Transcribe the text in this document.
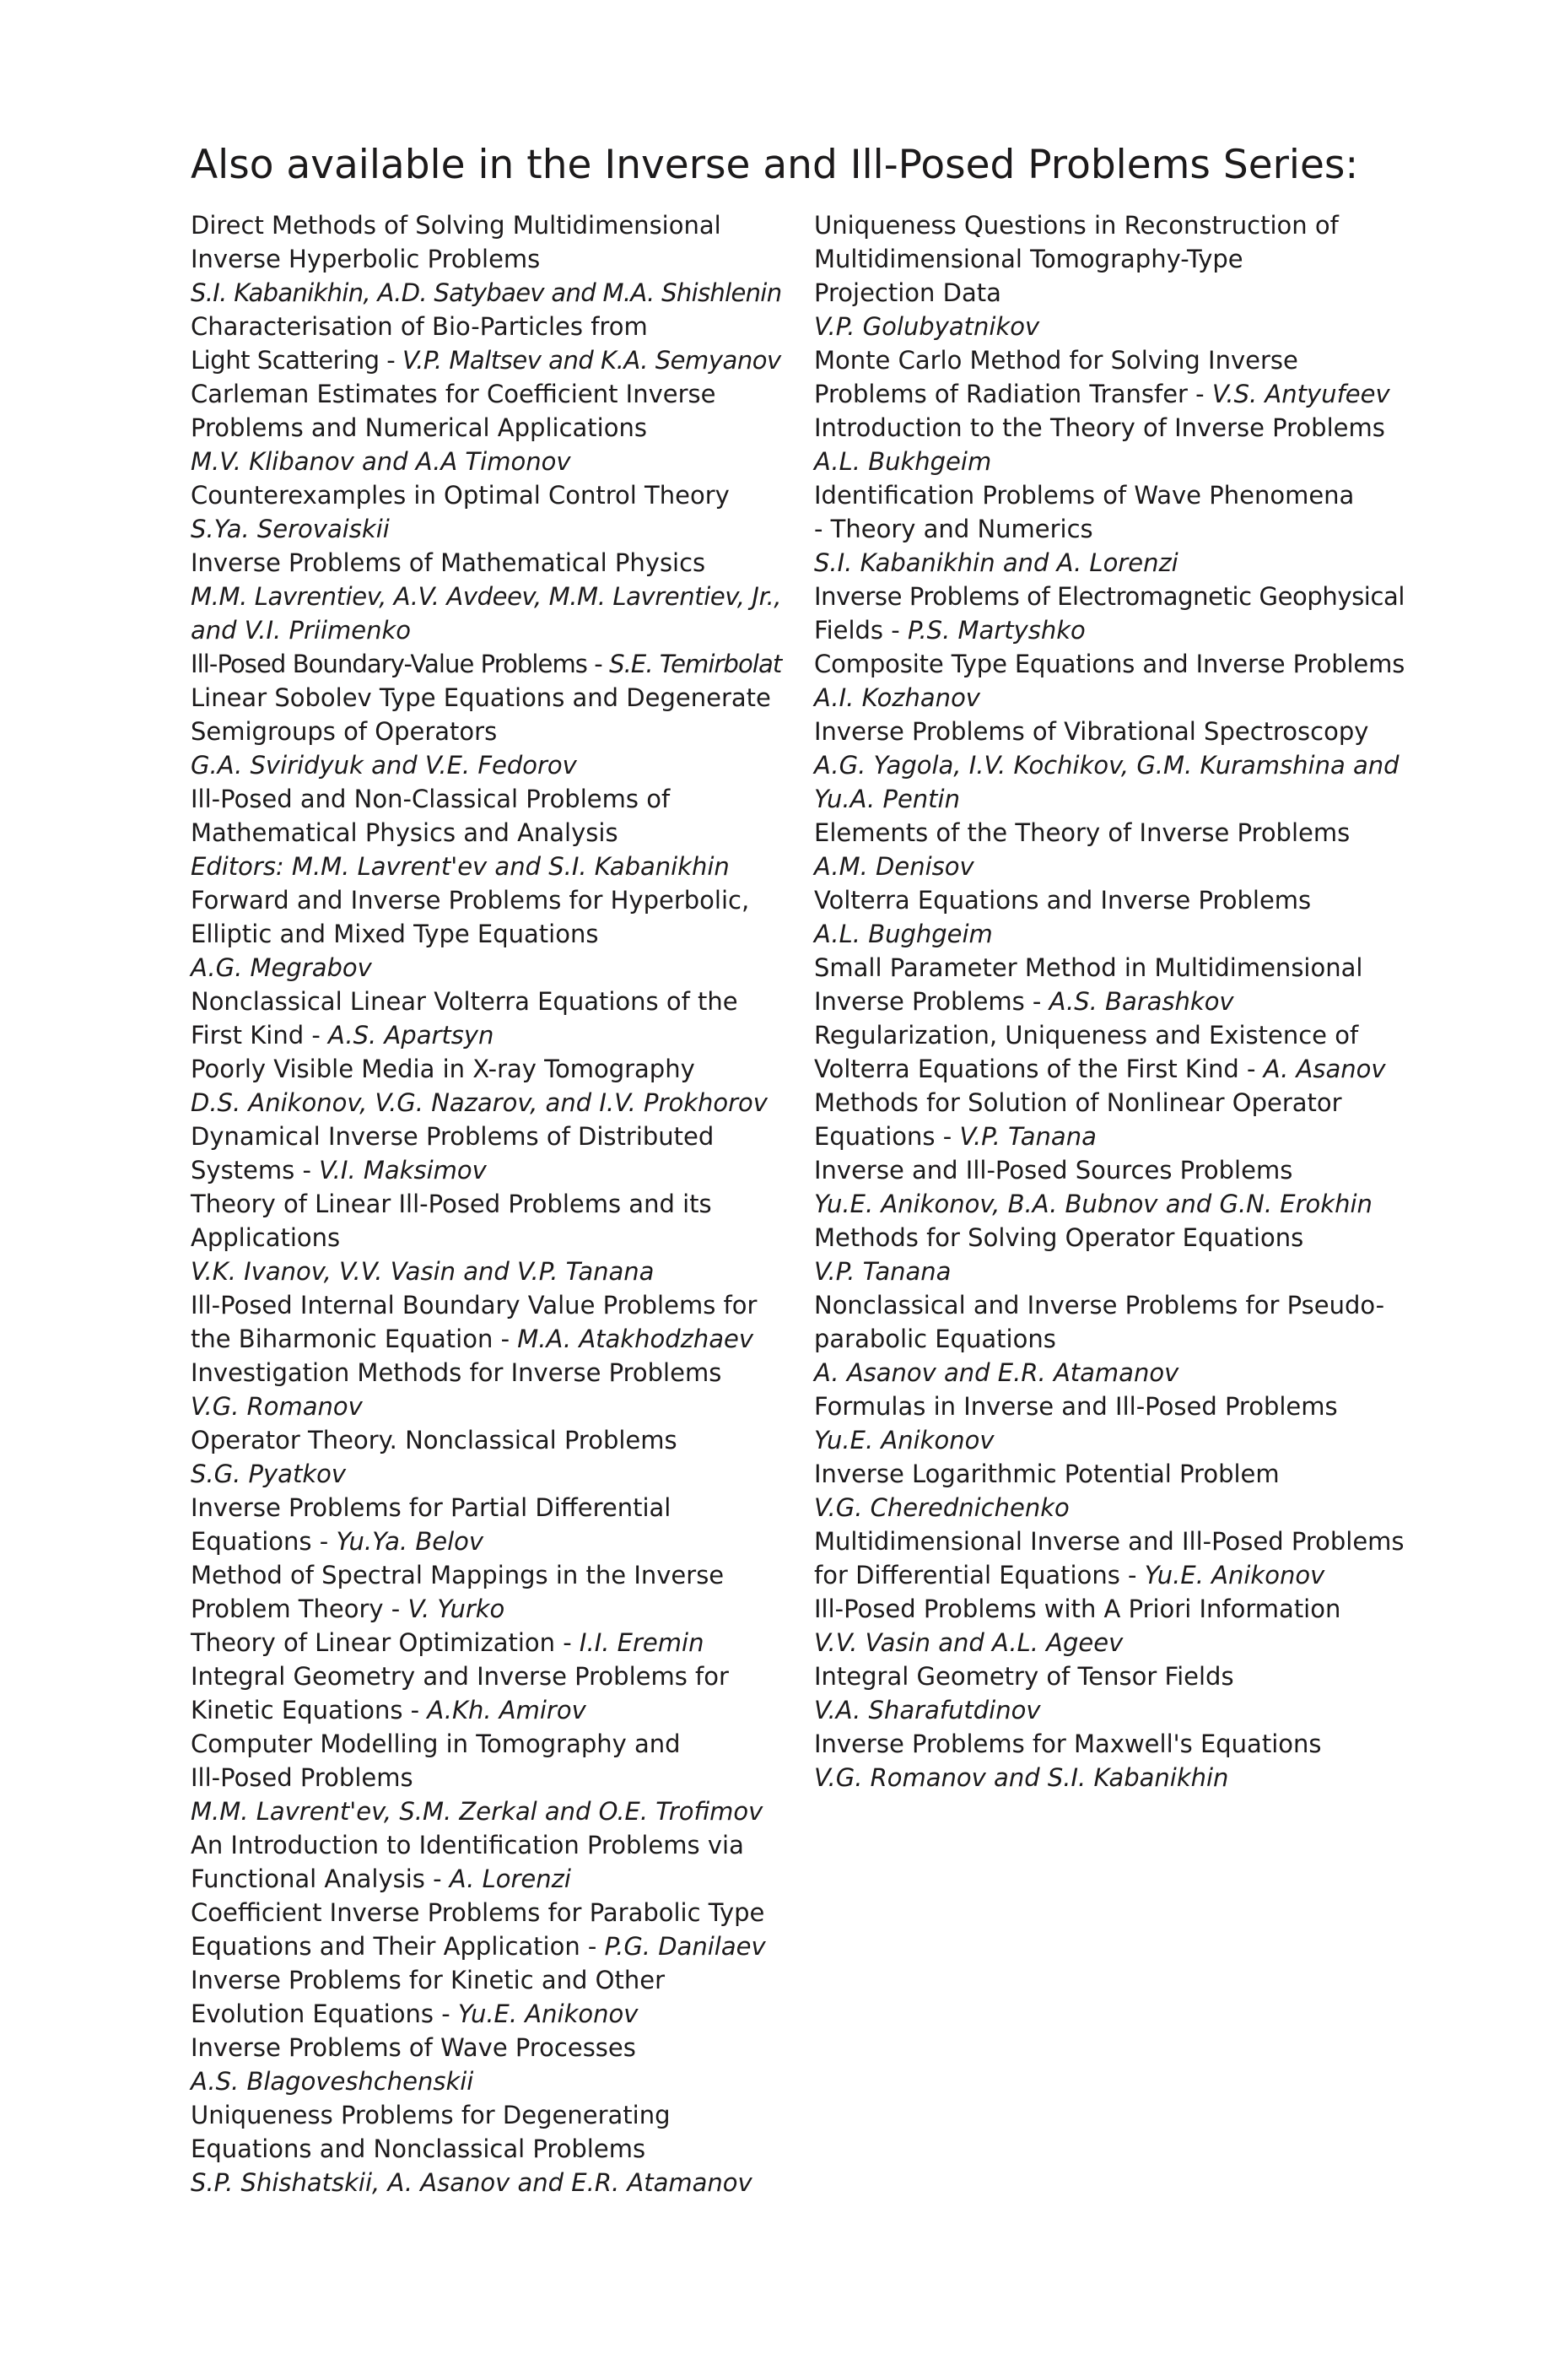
Also available in the Inverse and Ill-Posed Problems Series:
Direct Methods of Solving Multidimensional
Inverse Hyperbolic Problems
S.I. Kabanikhin, A.D. Satybaev and M.A. Shishlenin
Characterisation of Bio-Particles from
Light Scattering - V.P. Maltsev and K.A. Semyanov
Carleman Estimates for Coefficient Inverse
Problems and Numerical Applications
M.V. Klibanov and A.A Timonov
Counterexamples in Optimal Control Theory
S.Ya. Serovaiskii
Inverse Problems of Mathematical Physics
M.M. Lavrentiev, A.V. Avdeev, M.M. Lavrentiev, Jr.,
and V.I. Priimenko
Ill-Posed Boundary-Value Problems - S.E. Temirbolat
Linear Sobolev Type Equations and Degenerate
Semigroups of Operators
G.A. Sviridyuk and V.E. Fedorov
Ill-Posed and Non-Classical Problems of
Mathematical Physics and Analysis
Editors: M.M. Lavrent'ev and S.I. Kabanikhin
Forward and Inverse Problems for Hyperbolic,
Elliptic and Mixed Type Equations
A.G. Megrabov
Nonclassical Linear Volterra Equations of the
First Kind - A.S. Apartsyn
Poorly Visible Media in X-ray Tomography
D.S. Anikonov, V.G. Nazarov, and I.V. Prokhorov
Dynamical Inverse Problems of Distributed
Systems - V.I. Maksimov
Theory of Linear Ill-Posed Problems and its
Applications
V.K. Ivanov, V.V. Vasin and V.P. Tanana
Ill-Posed Internal Boundary Value Problems for
the Biharmonic Equation - M.A. Atakhodzhaev
Investigation Methods for Inverse Problems
V.G. Romanov
Operator Theory. Nonclassical Problems
S.G. Pyatkov
Inverse Problems for Partial Differential
Equations - Yu.Ya. Belov
Method of Spectral Mappings in the Inverse
Problem Theory - V. Yurko
Theory of Linear Optimization - I.I. Eremin
Integral Geometry and Inverse Problems for
Kinetic Equations - A.Kh. Amirov
Computer Modelling in Tomography and
Ill-Posed Problems
M.M. Lavrent'ev, S.M. Zerkal and O.E. Trofimov
An Introduction to Identification Problems via
Functional Analysis - A. Lorenzi
Coefficient Inverse Problems for Parabolic Type
Equations and Their Application - P.G. Danilaev
Inverse Problems for Kinetic and Other
Evolution Equations - Yu.E. Anikonov
Inverse Problems of Wave Processes
A.S. Blagoveshchenskii
Uniqueness Problems for Degenerating
Equations and Nonclassical Problems
S.P. Shishatskii, A. Asanov and E.R. Atamanov
Uniqueness Questions in Reconstruction of
Multidimensional Tomography-Type
Projection Data
V.P. Golubyatnikov
Monte Carlo Method for Solving Inverse
Problems of Radiation Transfer - V.S. Antyufeev
Introduction to the Theory of Inverse Problems
A.L. Bukhgeim
Identification Problems of Wave Phenomena
- Theory and Numerics
S.I. Kabanikhin and A. Lorenzi
Inverse Problems of Electromagnetic Geophysical
Fields - P.S. Martyshko
Composite Type Equations and Inverse Problems
A.I. Kozhanov
Inverse Problems of Vibrational Spectroscopy
A.G. Yagola, I.V. Kochikov, G.M. Kuramshina and
Yu.A. Pentin
Elements of the Theory of Inverse Problems
A.M. Denisov
Volterra Equations and Inverse Problems
A.L. Bughgeim
Small Parameter Method in Multidimensional
Inverse Problems - A.S. Barashkov
Regularization, Uniqueness and Existence of
Volterra Equations of the First Kind - A. Asanov
Methods for Solution of Nonlinear Operator
Equations - V.P. Tanana
Inverse and Ill-Posed Sources Problems
Yu.E. Anikonov, B.A. Bubnov and G.N. Erokhin
Methods for Solving Operator Equations
V.P. Tanana
Nonclassical and Inverse Problems for Pseudo-
parabolic Equations
A. Asanov and E.R. Atamanov
Formulas in Inverse and Ill-Posed Problems
Yu.E. Anikonov
Inverse Logarithmic Potential Problem
V.G. Cherednichenko
Multidimensional Inverse and Ill-Posed Problems
for Differential Equations - Yu.E. Anikonov
Ill-Posed Problems with A Priori Information
V.V. Vasin and A.L. Ageev
Integral Geometry of Tensor Fields
V.A. Sharafutdinov
Inverse Problems for Maxwell's Equations
V.G. Romanov and S.I. Kabanikhin
